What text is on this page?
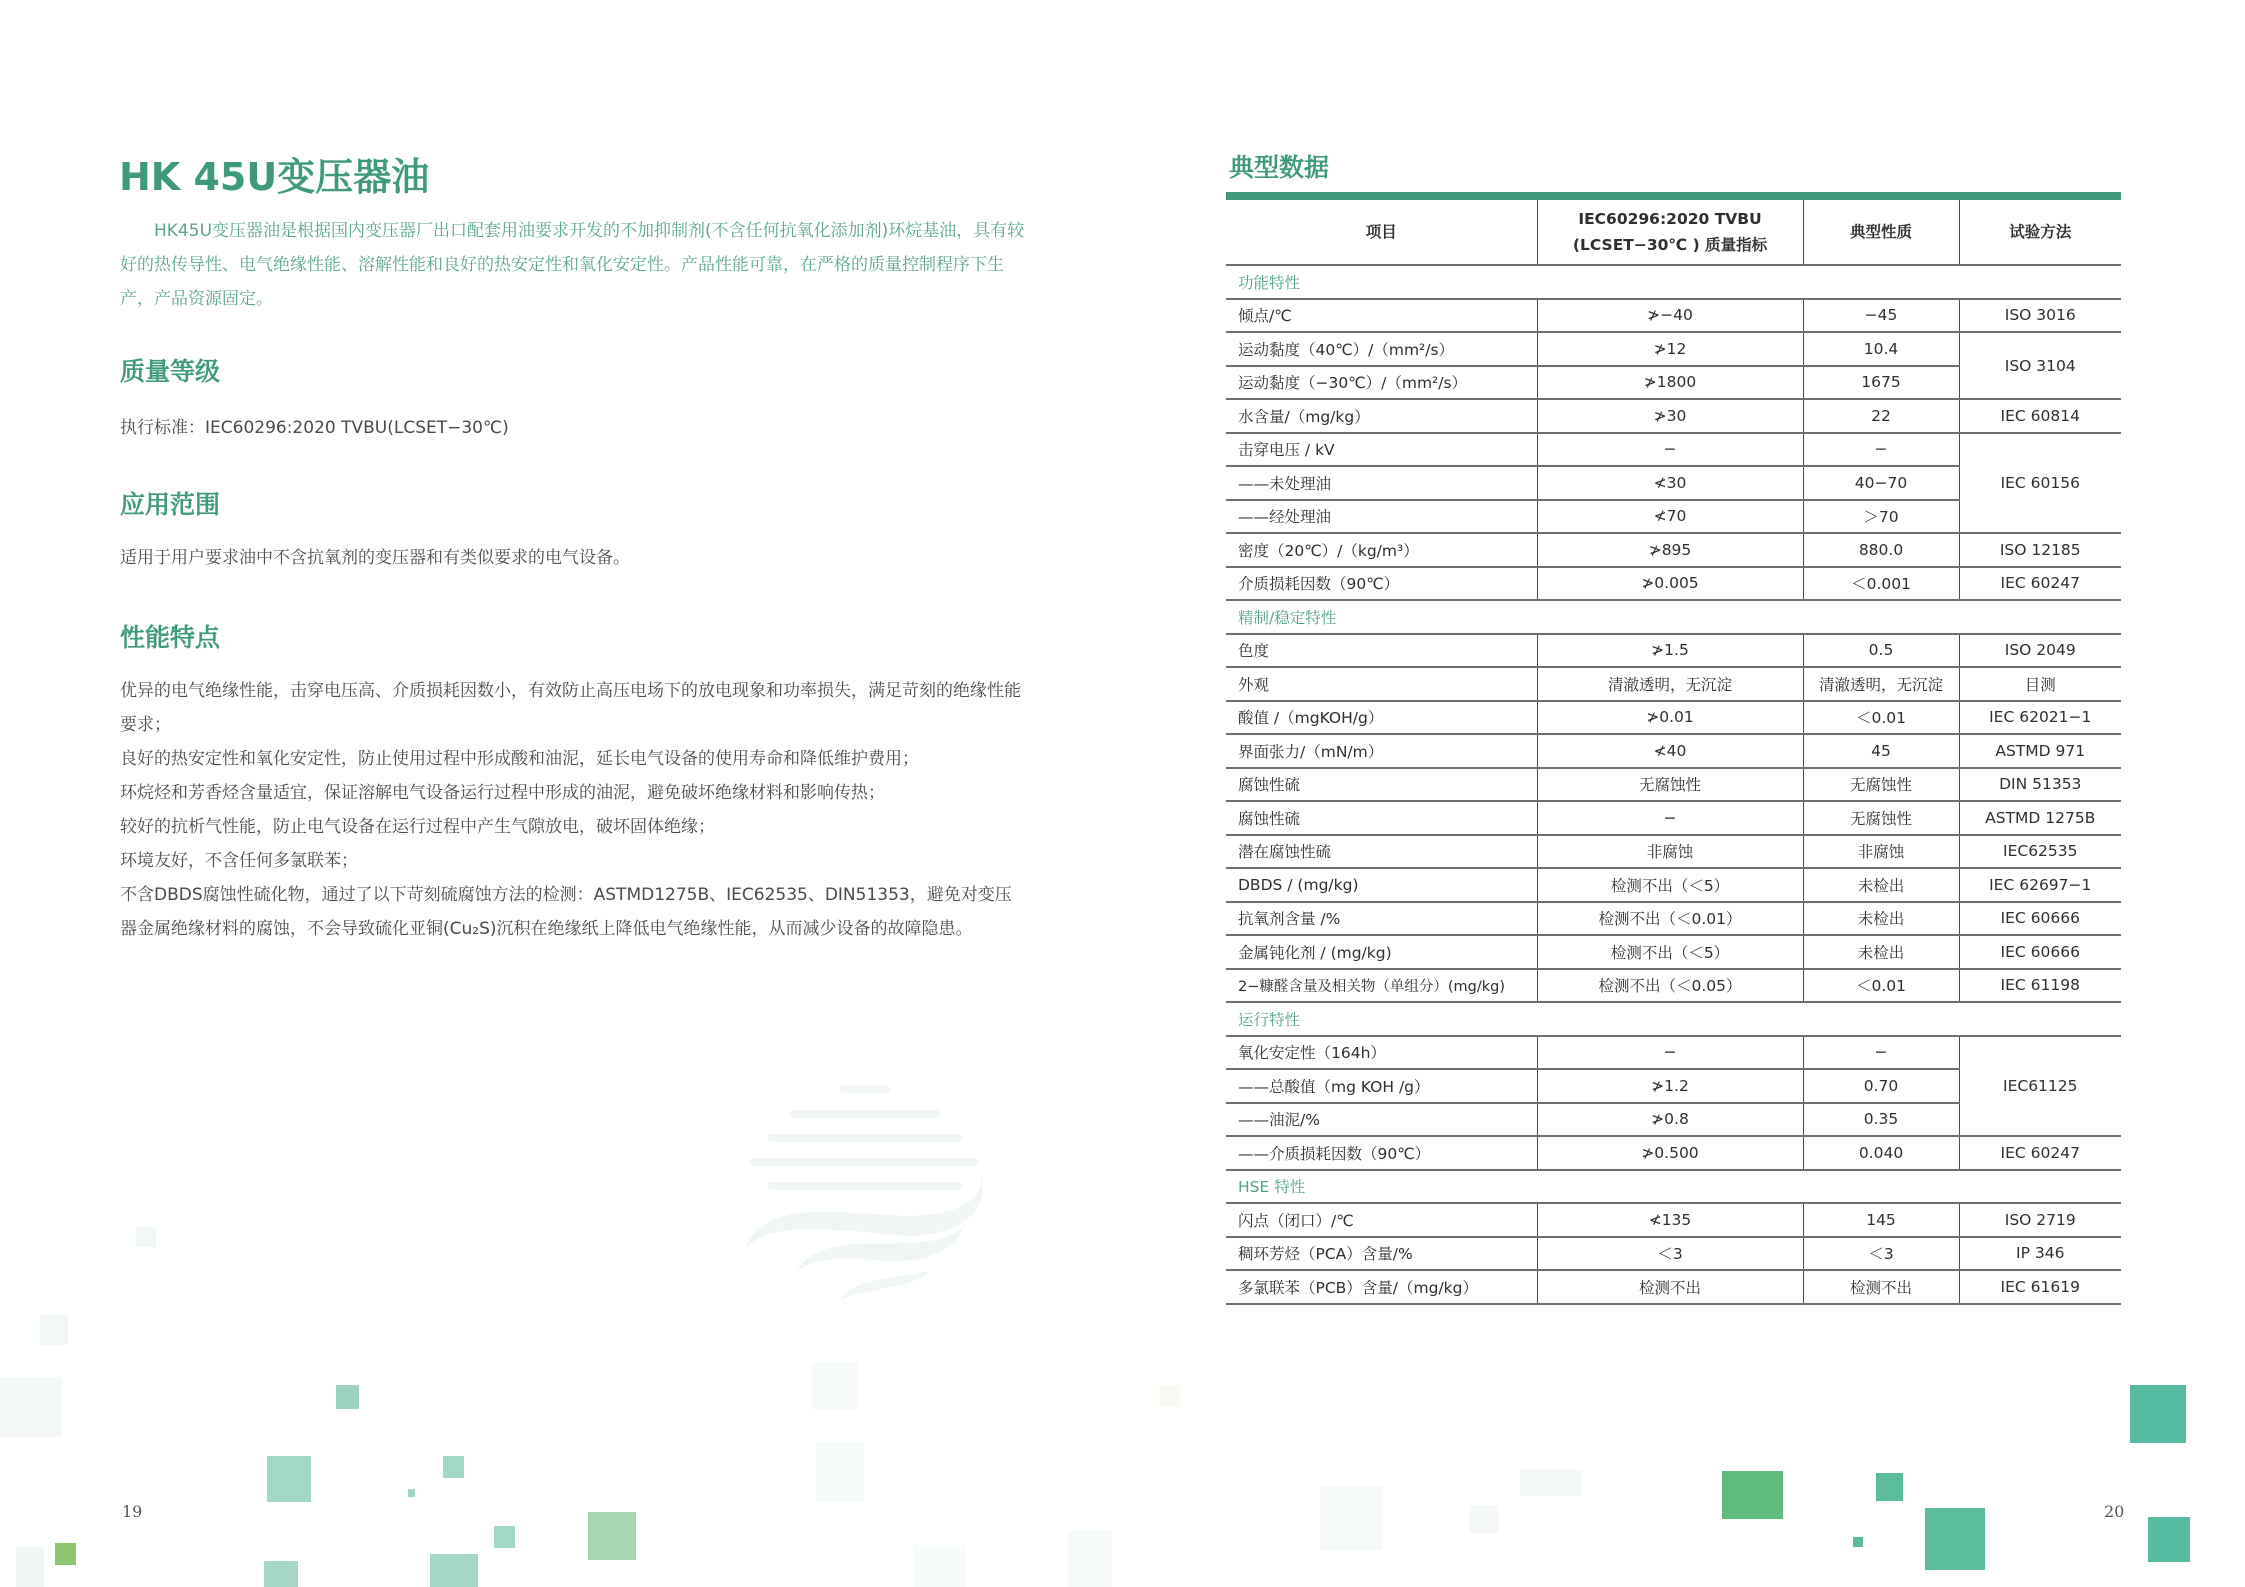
HK 45U变压器油
HK45U变压器油是根据国内变压器厂出口配套用油要求开发的不加抑制剂(不含任何抗氧化添加剂)环烷基油，具有较好的热传导性、电气绝缘性能、溶解性能和良好的热安定性和氧化安定性。产品性能可靠，在严格的质量控制程序下生产，产品资源固定。
质量等级
执行标准：IEC60296:2020 TVBU(LCSET−30℃)
应用范围
适用于用户要求油中不含抗氧剂的变压器和有类似要求的电气设备。
性能特点
优异的电气绝缘性能，击穿电压高、介质损耗因数小，有效防止高压电场下的放电现象和功率损失，满足苛刻的绝缘性能要求；
良好的热安定性和氧化安定性，防止使用过程中形成酸和油泥，延长电气设备的使用寿命和降低维护费用；
环烷烃和芳香烃含量适宜，保证溶解电气设备运行过程中形成的油泥，避免破坏绝缘材料和影响传热；
较好的抗析气性能，防止电气设备在运行过程中产生气隙放电，破坏固体绝缘；
环境友好，不含任何多氯联苯；
不含DBDS腐蚀性硫化物，通过了以下苛刻硫腐蚀方法的检测：ASTMD1275B、IEC62535、DIN51353，避免对变压器金属绝缘材料的腐蚀，不会导致硫化亚铜(Cu₂S)沉积在绝缘纸上降低电气绝缘性能，从而减少设备的故障隐患。
19
典型数据
项目	IEC60296:2020 TVBU
(LCSET−30℃ ) 质量指标	典型性质	试验方法
功能特性			
倾点/℃	≯−40	−45	ISO 3016
运动黏度（40℃）/（mm²/s）	≯12	10.4	ISO 3104
运动黏度（−30℃）/（mm²/s）	≯1800	1675	
水含量/（mg/kg）	≯30	22	IEC 60814
击穿电压 / kV	−	−	IEC 60156
——未处理油	≮30	40−70	
——经处理油	≮70	＞70	
密度（20℃）/（kg/m³）	≯895	880.0	ISO 12185
介质损耗因数（90℃）	≯0.005	＜0.001	IEC 60247
精制/稳定特性			
色度	≯1.5	0.5	ISO 2049
外观	清澈透明，无沉淀	清澈透明，无沉淀	目测
酸值 /（mgKOH/g）	≯0.01	＜0.01	IEC 62021−1
界面张力/（mN/m）	≮40	45	ASTMD 971
腐蚀性硫	无腐蚀性	无腐蚀性	DIN 51353
腐蚀性硫	−	无腐蚀性	ASTMD 1275B
潜在腐蚀性硫	非腐蚀	非腐蚀	IEC62535
DBDS / (mg/kg)	检测不出（＜5）	未检出	IEC 62697−1
抗氧剂含量 /%	检测不出（＜0.01）	未检出	IEC 60666
金属钝化剂 / (mg/kg)	检测不出（＜5）	未检出	IEC 60666
2−糠醛含量及相关物（单组分）(mg/kg)	检测不出（＜0.05）	＜0.01	IEC 61198
运行特性			
氧化安定性（164h）	−	−	IEC61125
——总酸值（mg KOH /g）	≯1.2	0.70	
——油泥/%	≯0.8	0.35	
——介质损耗因数（90℃）	≯0.500	0.040	IEC 60247
HSE 特性			
闪点（闭口）/℃	≮135	145	ISO 2719
稠环芳烃（PCA）含量/%	＜3	＜3	IP 346
多氯联苯（PCB）含量/（mg/kg）	检测不出	检测不出	IEC 61619
20
